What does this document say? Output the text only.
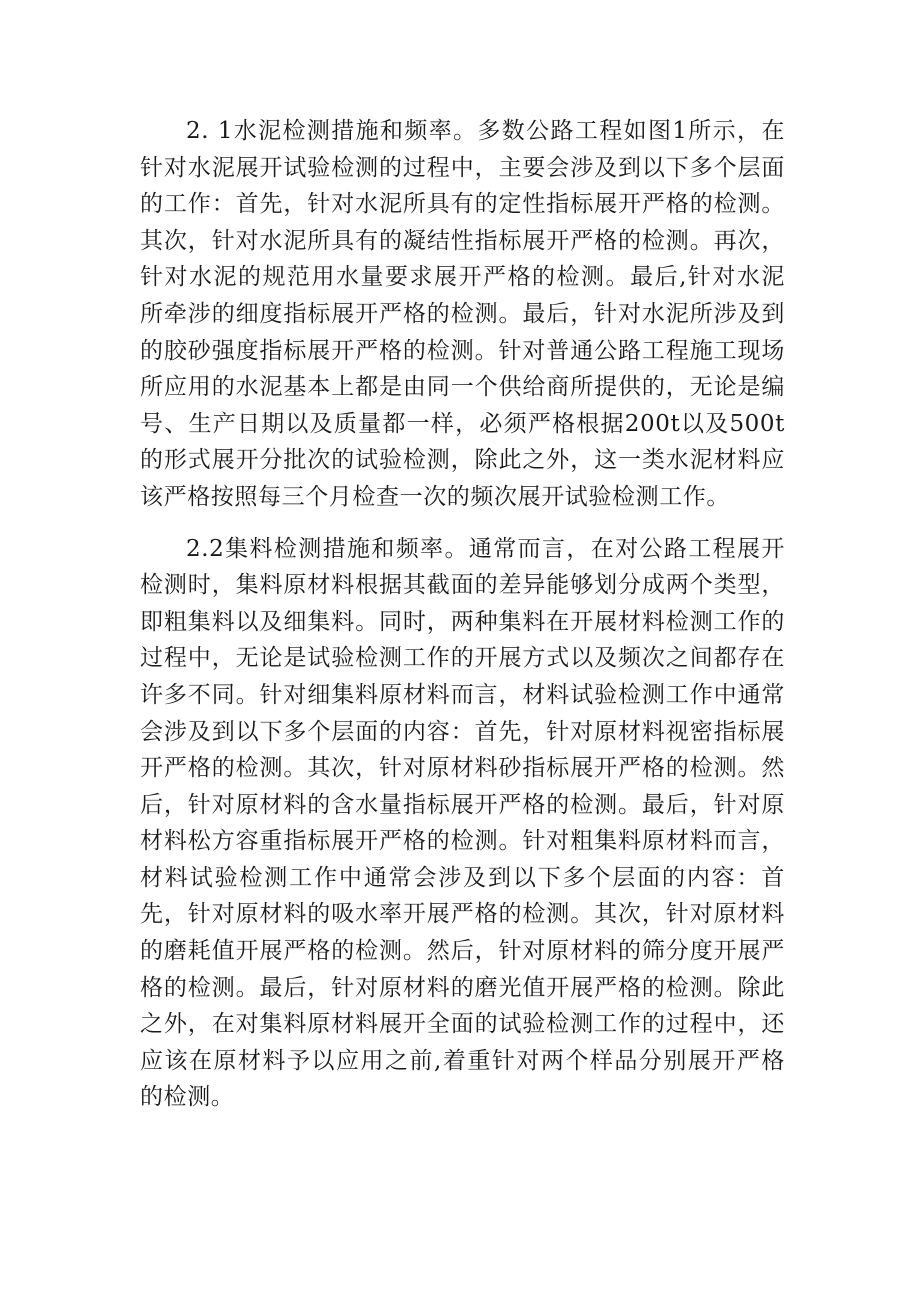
2. 1水泥检测措施和频率。多数公路工程如图1所示，在针对水泥展开试验检测的过程中，主要会涉及到以下多个层面的工作：首先，针对水泥所具有的定性指标展开严格的检测。其次，针对水泥所具有的凝结性指标展开严格的检测。再次，针对水泥的规范用水量要求展开严格的检测。最后,针对水泥所牵涉的细度指标展开严格的检测。最后，针对水泥所涉及到的胶砂强度指标展开严格的检测。针对普通公路工程施工现场所应用的水泥基本上都是由同一个供给商所提供的，无论是编号、生产日期以及质量都一样，必须严格根据200t以及500t的形式展开分批次的试验检测，除此之外，这一类水泥材料应该严格按照每三个月检查一次的频次展开试验检测工作。

2.2集料检测措施和频率。通常而言，在对公路工程展开检测时，集料原材料根据其截面的差异能够划分成两个类型，即粗集料以及细集料。同时，两种集料在开展材料检测工作的过程中，无论是试验检测工作的开展方式以及频次之间都存在许多不同。针对细集料原材料而言，材料试验检测工作中通常会涉及到以下多个层面的内容：首先，针对原材料视密指标展开严格的检测。其次，针对原材料砂指标展开严格的检测。然后，针对原材料的含水量指标展开严格的检测。最后，针对原材料松方容重指标展开严格的检测。针对粗集料原材料而言，材料试验检测工作中通常会涉及到以下多个层面的内容：首先，针对原材料的吸水率开展严格的检测。其次，针对原材料的磨耗值开展严格的检测。然后，针对原材料的筛分度开展严格的检测。最后，针对原材料的磨光值开展严格的检测。除此之外，在对集料原材料展开全面的试验检测工作的过程中，还应该在原材料予以应用之前,着重针对两个样品分别展开严格的检测。
